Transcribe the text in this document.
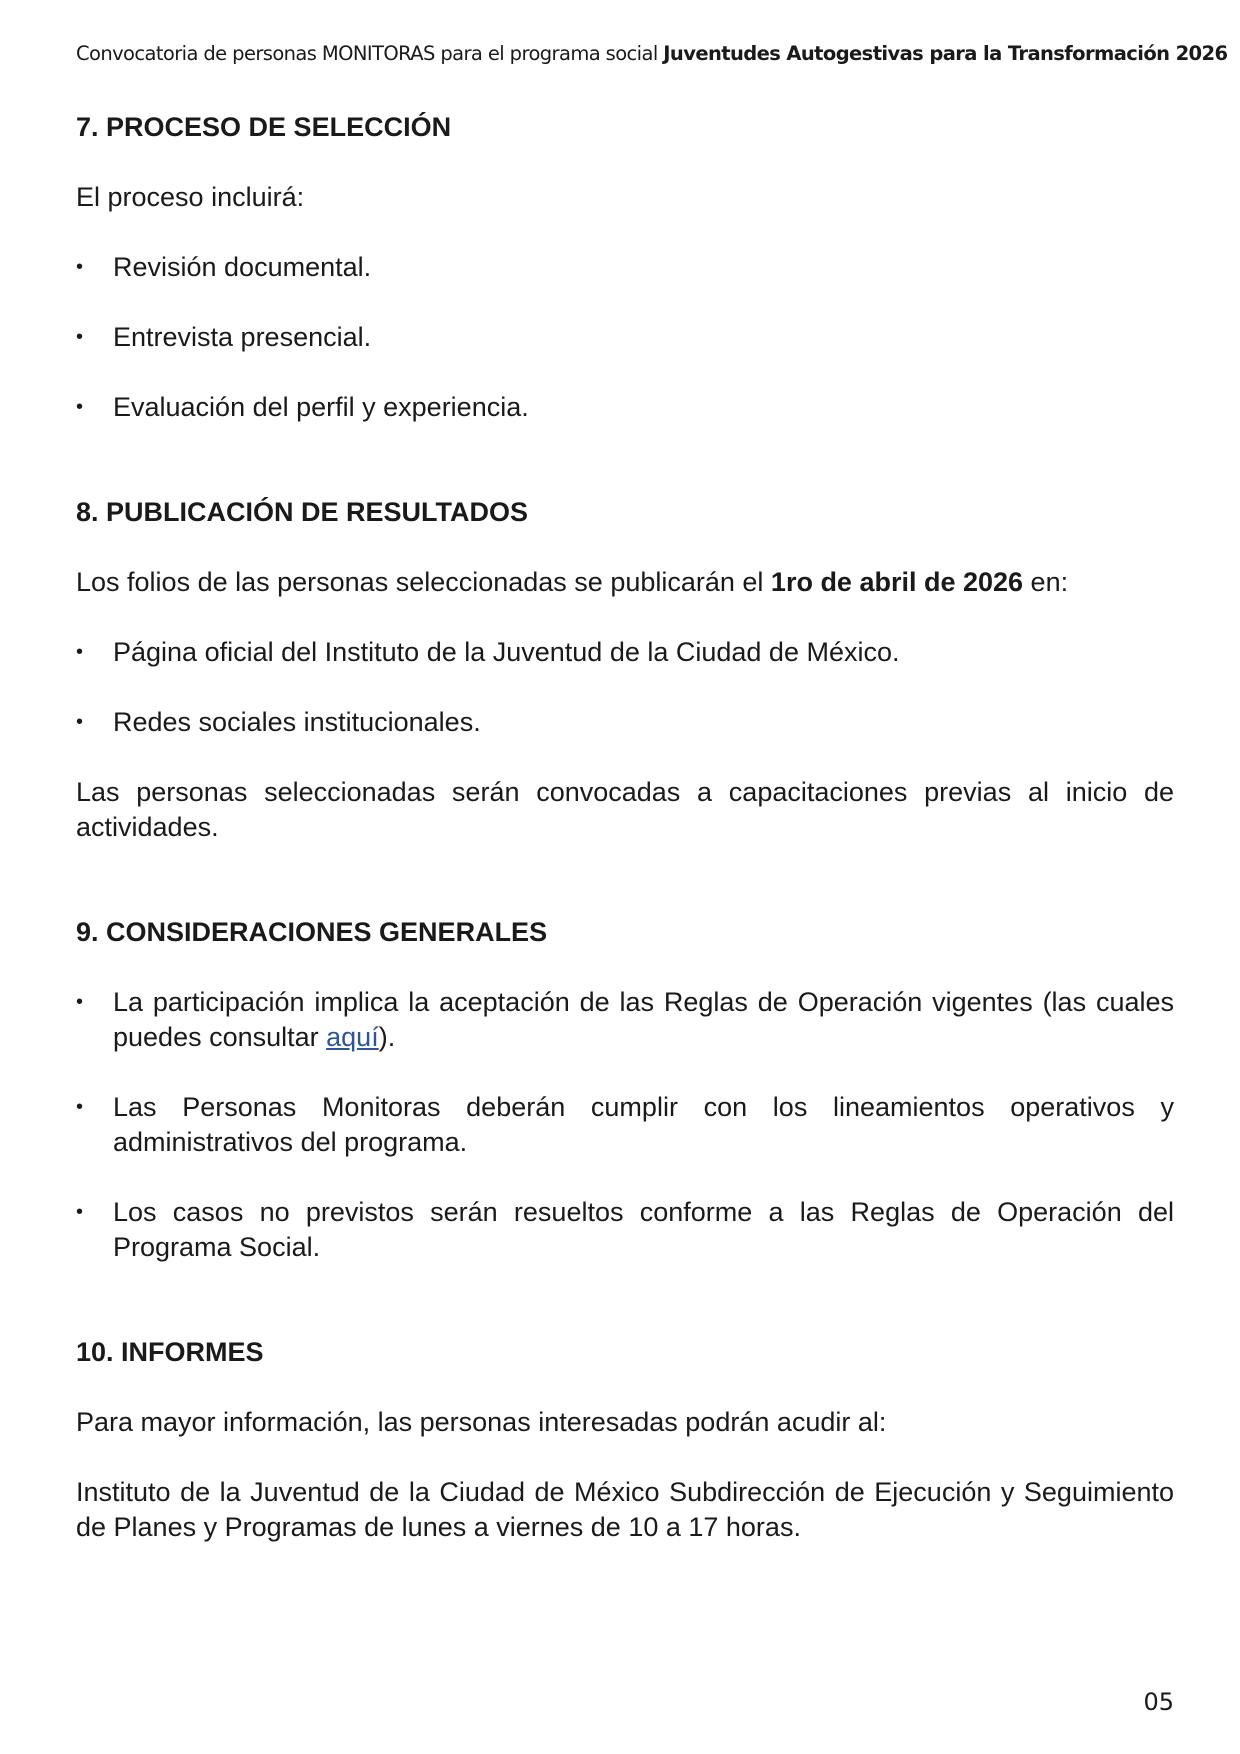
Convocatoria de personas MONITORAS para el programa social Juventudes Autogestivas para la Transformación 2026
7. PROCESO DE SELECCIÓN

El proceso incluirá:

•	Revisión documental.
•	Entrevista presencial.
•	Evaluación del perfil y experiencia.
8. PUBLICACIÓN DE RESULTADOS

Los folios de las personas seleccionadas se publicarán el 1ro de abril de 2026 en:

•	Página oficial del Instituto de la Juventud de la Ciudad de México.
•	Redes sociales institucionales.

Las personas seleccionadas serán convocadas a capacitaciones previas al inicio de actividades.

9. CONSIDERACIONES GENERALES
•	La participación implica la aceptación de las Reglas de Operación vigentes (las cuales puedes consultar aquí).
•	Las Personas Monitoras deberán cumplir con los lineamientos operativos y administrativos del programa.
•	Los casos no previstos serán resueltos conforme a las Reglas de Operación del Programa Social.
10. INFORMES

Para mayor información, las personas interesadas podrán acudir al:

Instituto de la Juventud de la Ciudad de México Subdirección de Ejecución y Seguimiento de Planes y Programas de lunes a viernes de 10 a 17 horas.

05
